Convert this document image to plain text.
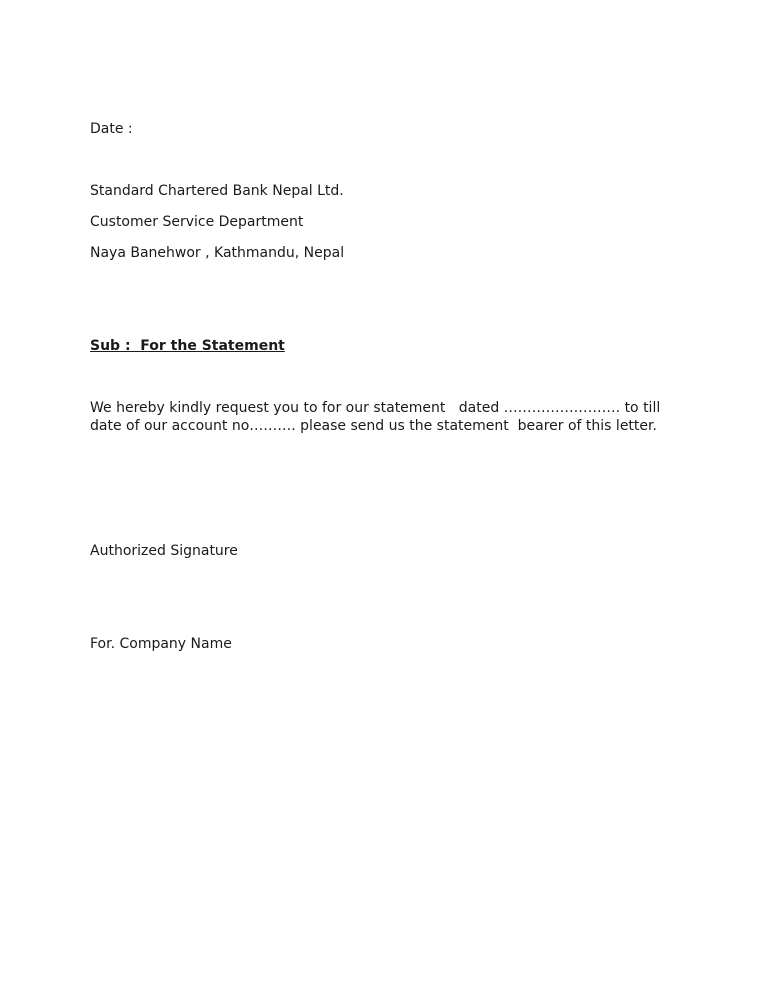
Date :
Standard Chartered Bank Nepal Ltd.
Customer Service Department
Naya Banehwor , Kathmandu, Nepal
Sub :  For the Statement
We hereby kindly request you to for our statement   dated ……………………. to till
date of our account no………. please send us the statement  bearer of this letter.
Authorized Signature
For. Company Name
